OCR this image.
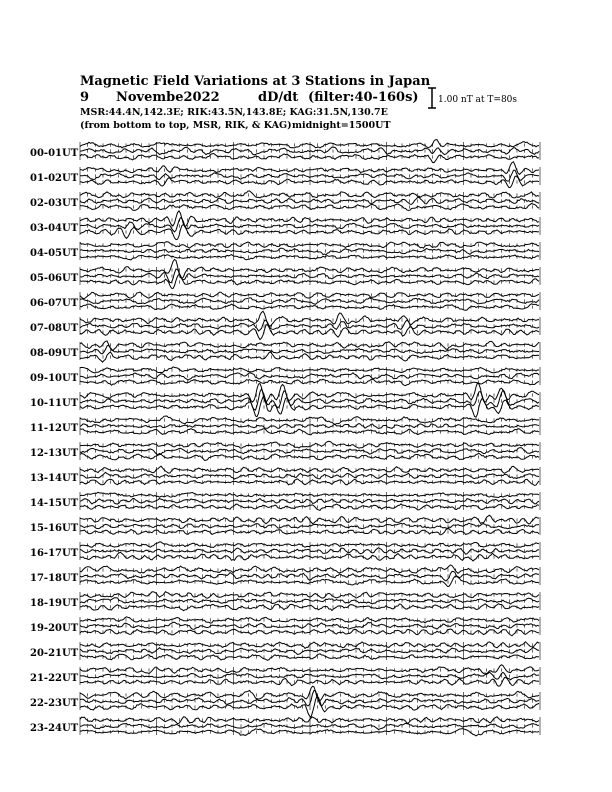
Magnetic Field Variations at 3 Stations in Japan
9 Novembe2022	dD/dt (filter:40-160s)
MSR:44.4N,142.3E; RIK:43.5N,143.8E; KAG:31.5N,130.7E
(from bottom to top, MSR, RIK, & KAG) midnight=1500UT
1.00 nT at T=80s
00-01UT
01-02UT
02-03UT
03-04UT
04-05UT
05-06UT
06-07UT
07-08UT
08-09UT
09-10UT
10-11UT
11-12UT
12-13UT
13-14UT
14-15UT
15-16UT
16-17UT
17-18UT
18-19UT
19-20UT
20-21UT
21-22UT
22-23UT
23-24UT
